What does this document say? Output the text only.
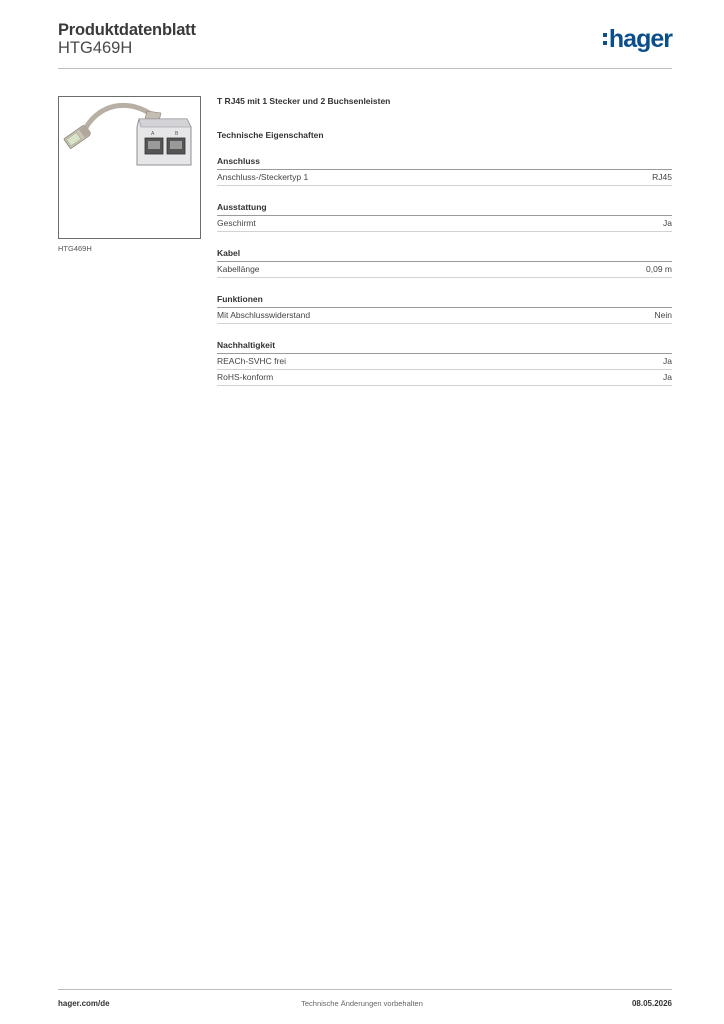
Produktdatenblatt
HTG469H	hager
A	B
HTG469H
T RJ45 mit 1 Stecker und 2 Buchsenleisten
Technische Eigenschaften
Anschluss
Anschluss-/Steckertyp 1	RJ45
Ausstattung
Geschirmt	Ja
Kabel
Kabellänge	0,09 m
Funktionen
Mit Abschlusswiderstand	Nein
Nachhaltigkeit
REACh-SVHC frei	Ja
RoHS-konform	Ja
hager.com/de	Technische Änderungen vorbehalten	08.05.2026
